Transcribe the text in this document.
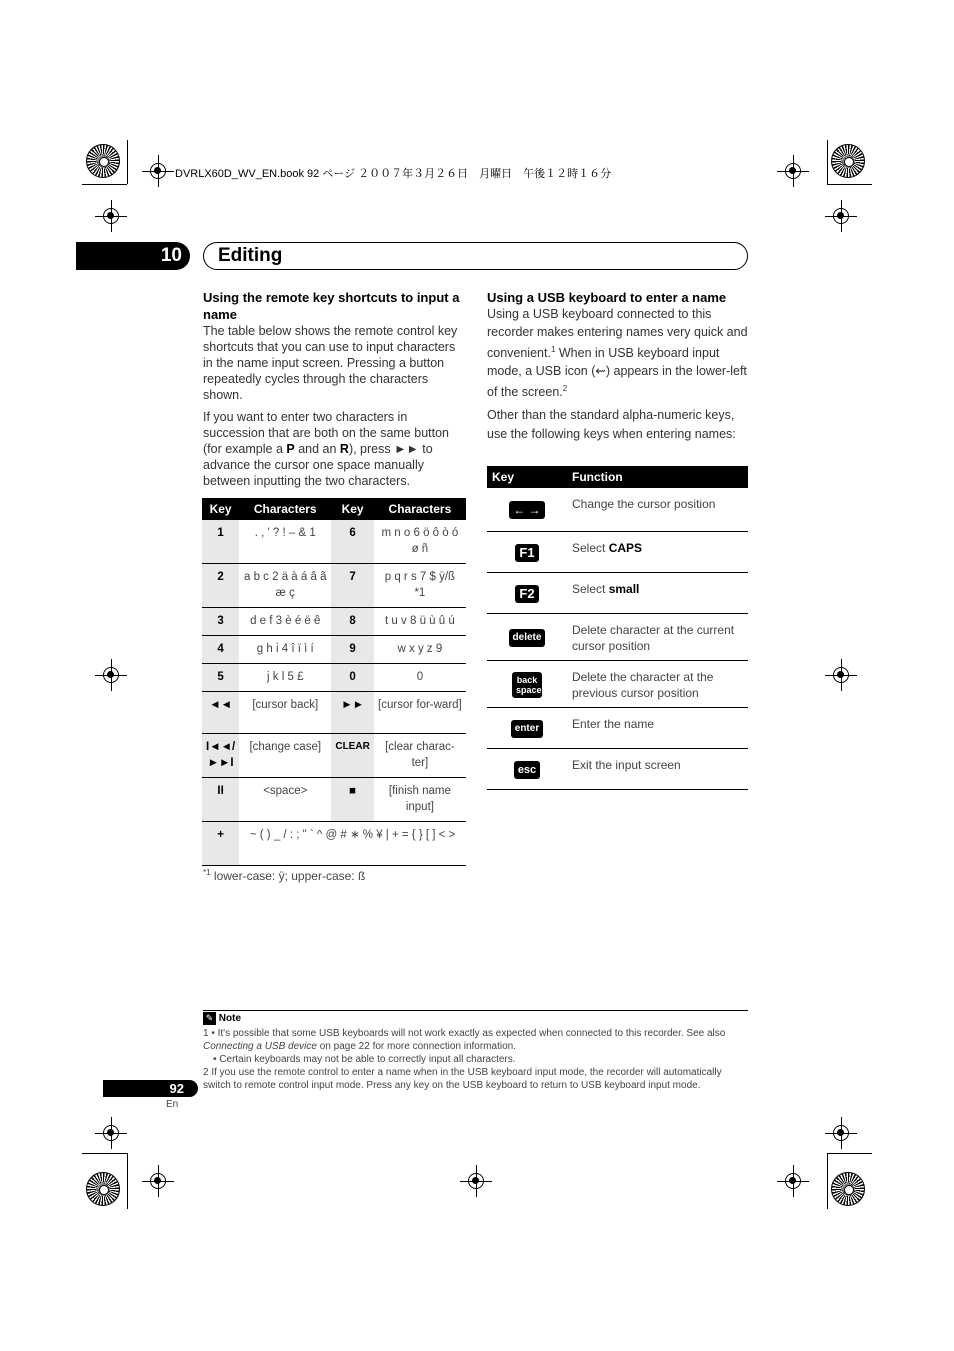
DVRLX60D_WV_EN.book 92 ページ ２００７年３月２６日　月曜日　午後１２時１６分
10	Editing
Using the remote key shortcuts to input a name

The table below shows the remote control key shortcuts that you can use to input characters in the name input screen. Pressing a button repeatedly cycles through the characters shown.

If you want to enter two characters in succession that are both on the same button (for example a P and an R), press ►► to advance the cursor one space manually between inputting the two characters.

Key	Characters	Key	Characters
1	. , ' ? ! – & 1	6	m n o 6 ö ô ò ó ø ñ
2	a b c 2 ä à á â ã æ ç	7	p q r s 7 $ ÿ/ß *1
3	d e f 3 è é ë ê	8	t u v 8 ü ù û ú
4	g h i 4 î ï ì í	9	w x y z 9
5	j k l 5 £	0	0
◄◄	[cursor back]	►►	[cursor for-ward]
I◄◄/ ►►I	[change case]	CLEAR	[clear charac-ter]
II	<space>	■	[finish name input]
+	~ ( ) _ / : ; " ` ^ @ # ∗ % ¥ | + = { } [ ] < >		
$^{*1}$ lower-case: ÿ; upper-case: ß
Using a USB keyboard to enter a name

Using a USB keyboard connected to this recorder makes entering names very quick and convenient.$^1$ When in USB keyboard input mode, a USB icon (⇜) appears in the lower-left of the screen.$^2$

Other than the standard alpha-numeric keys, use the following keys when entering names:

Key	Function
← →	Change the cursor position
F1	Select CAPS
F2	Select small
delete	Delete character at the current cursor position
back space	Delete the character at the previous cursor position
enter	Enter the name
esc	Exit the input screen
✎ Note
1 • It's possible that some USB keyboards will not work exactly as expected when connected to this recorder. See also Connecting a USB device on page 22 for more connection information.
• Certain keyboards may not be able to correctly input all characters.
2 If you use the remote control to enter a name when in the USB keyboard input mode, the recorder will automatically switch to remote control input mode. Press any key on the USB keyboard to return to USB keyboard input mode.
92
En
